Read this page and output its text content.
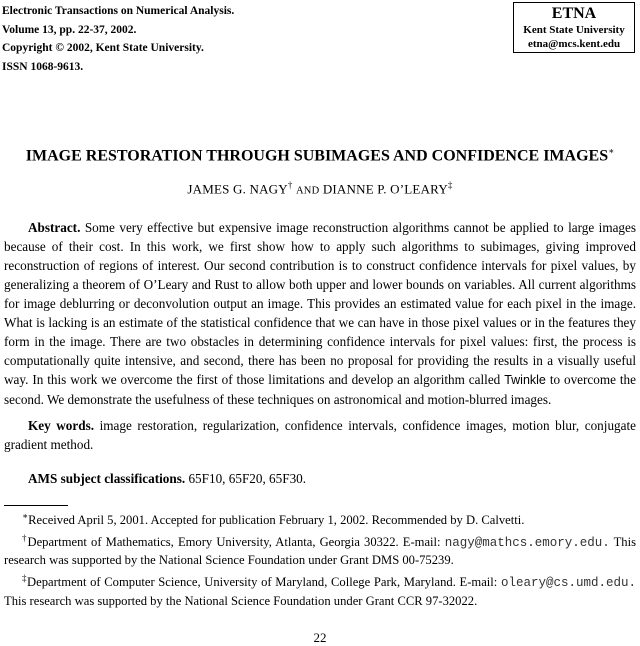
Electronic Transactions on Numerical Analysis.
Volume 13, pp. 22-37, 2002.
Copyright © 2002, Kent State University.
ISSN 1068-9613.
ETNA
Kent State University
etna@mcs.kent.edu
IMAGE RESTORATION THROUGH SUBIMAGES AND CONFIDENCE IMAGES∗
JAMES G. NAGY† AND DIANNE P. O’LEARY‡
Abstract. Some very effective but expensive image reconstruction algorithms cannot be applied to large images because of their cost. In this work, we first show how to apply such algorithms to subimages, giving improved reconstruction of regions of interest. Our second contribution is to construct confidence intervals for pixel values, by generalizing a theorem of O’Leary and Rust to allow both upper and lower bounds on variables. All current algorithms for image deblurring or deconvolution output an image. This provides an estimated value for each pixel in the image. What is lacking is an estimate of the statistical confidence that we can have in those pixel values or in the features they form in the image. There are two obstacles in determining confidence intervals for pixel values: first, the process is computationally quite intensive, and second, there has been no proposal for providing the results in a visually useful way. In this work we overcome the first of those limitations and develop an algorithm called Twinkle to overcome the second. We demonstrate the usefulness of these techniques on astronomical and motion-blurred images.
Key words. image restoration, regularization, confidence intervals, confidence images, motion blur, conjugate gradient method.
AMS subject classifications. 65F10, 65F20, 65F30.

∗Received April 5, 2001. Accepted for publication February 1, 2002. Recommended by D. Calvetti.

†Department of Mathematics, Emory University, Atlanta, Georgia 30322. E-mail: nagy@mathcs.emory.edu. This research was supported by the National Science Foundation under Grant DMS 00-75239.

‡Department of Computer Science, University of Maryland, College Park, Maryland. E-mail: oleary@cs.umd.edu. This research was supported by the National Science Foundation under Grant CCR 97-32022.

22
